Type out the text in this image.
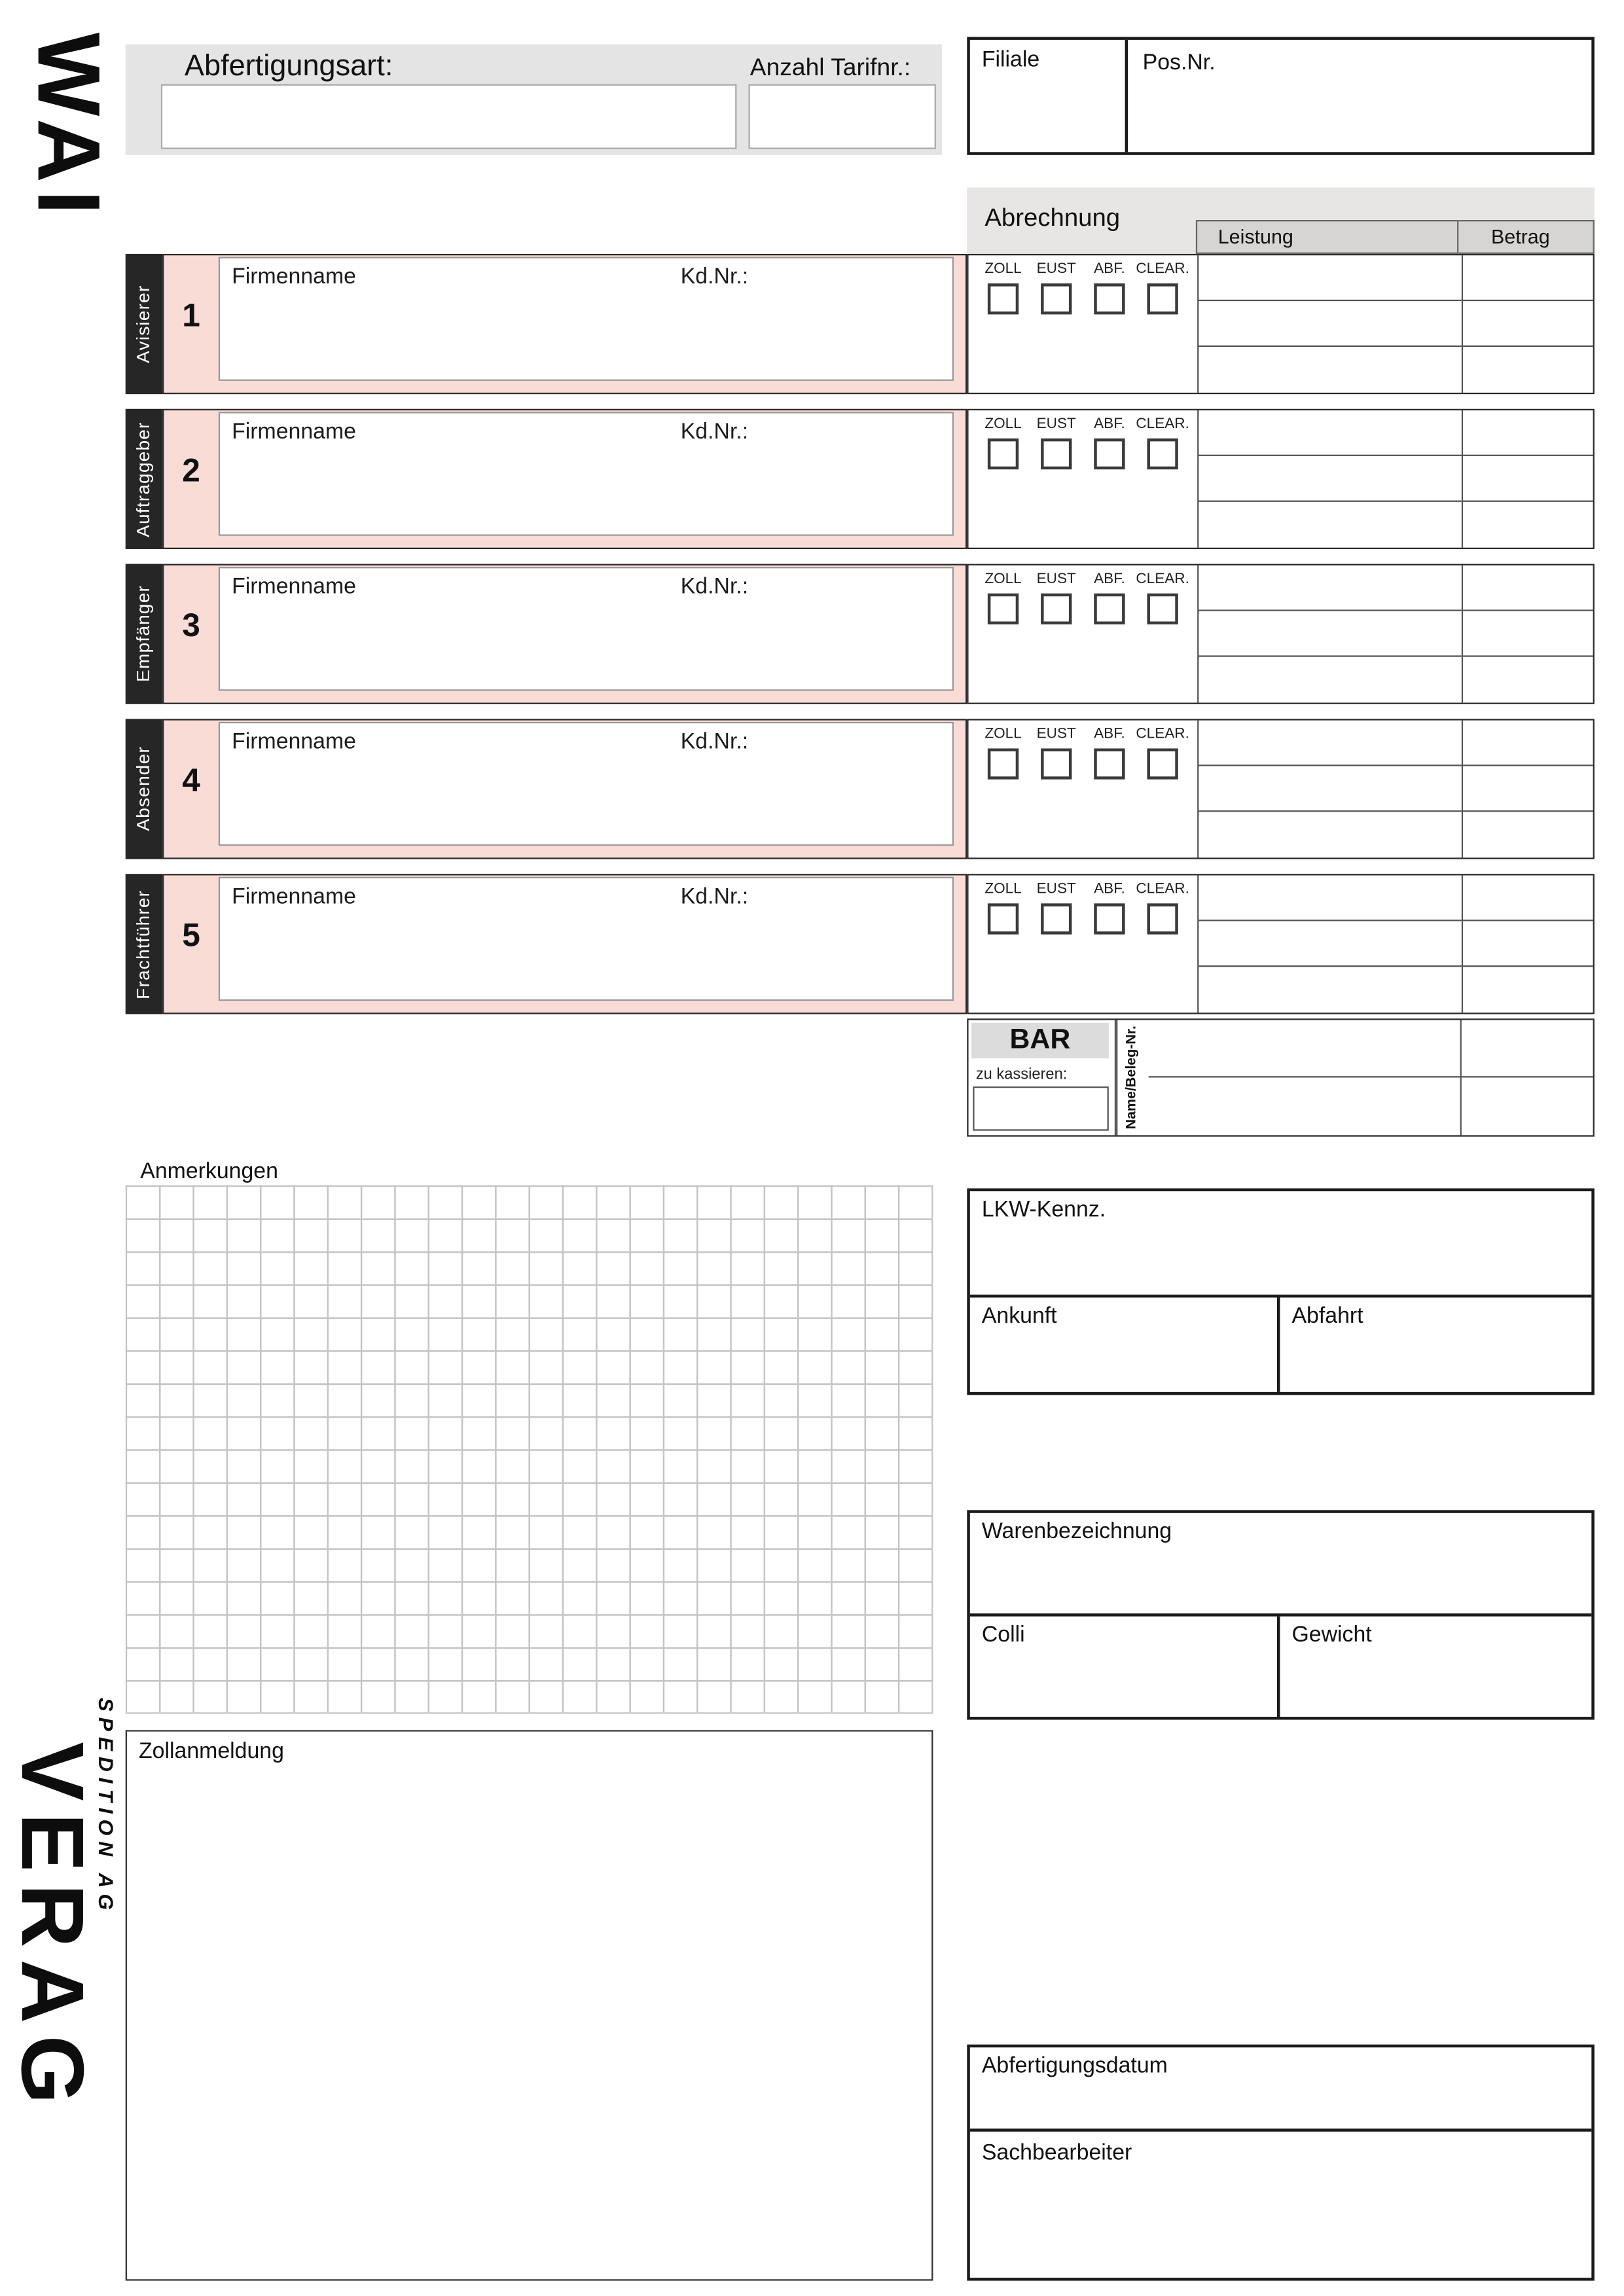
WAI
VERAG
SPEDITION AG
Abfertigungsart:	Anzahl Tarifnr.:	Filiale	Pos.Nr.
Abrechnung
Leistung	Betrag
Avisierer	1
Firmenname	Kd.Nr.:	ZOLL EUST	ABF. CLEAR.
Auftraggeber	2
Firmenname	Kd.Nr.:	ZOLL EUST	ABF. CLEAR.
Empfänger	3
Firmenname	Kd.Nr.:	ZOLL EUST	ABF. CLEAR.
Absender	4
Firmenname	Kd.Nr.:	ZOLL EUST	ABF. CLEAR.
Frachtführer	5
Firmenname	Kd.Nr.:	ZOLL EUST	ABF. CLEAR.
BAR
zu kassieren:	Name/Beleg-Nr.
Anmerkungen
LKW-Kennz.
Ankunft	Abfahrt
Warenbezeichnung
Colli	Gewicht
Zollanmeldung
Abfertigungsdatum
Sachbearbeiter
